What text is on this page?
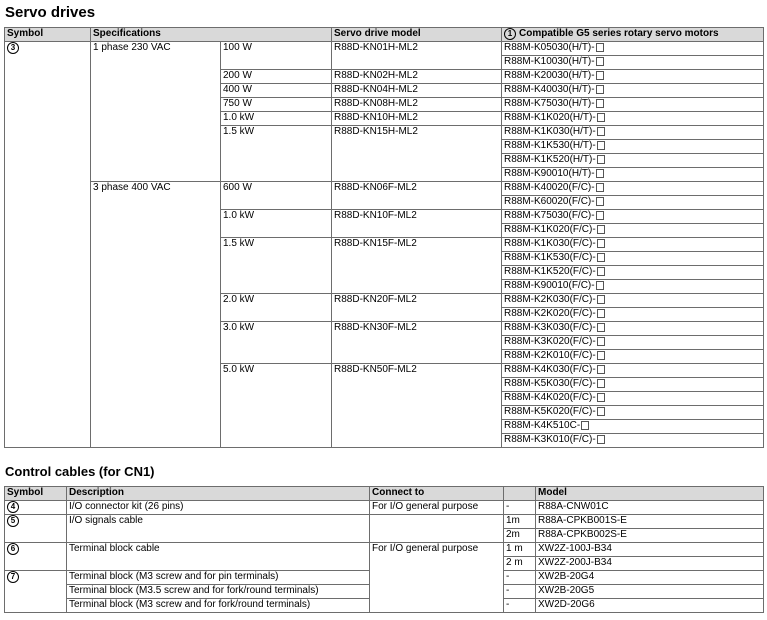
Servo drives
Symbol	Specifications		Servo drive model	1 Compatible G5 series rotary servo motors

3	1 phase 230 VAC	100 W	R88D-KN01H-ML2	R88M-K05030(H/T)-
				R88M-K10030(H/T)-
		200 W	R88D-KN02H-ML2	R88M-K20030(H/T)-
		400 W	R88D-KN04H-ML2	R88M-K40030(H/T)-
		750 W	R88D-KN08H-ML2	R88M-K75030(H/T)-
		1.0 kW	R88D-KN10H-ML2	R88M-K1K020(H/T)-
		1.5 kW	R88D-KN15H-ML2	R88M-K1K030(H/T)-
				R88M-K1K530(H/T)-
				R88M-K1K520(H/T)-
				R88M-K90010(H/T)-
	3 phase 400 VAC	600 W	R88D-KN06F-ML2	R88M-K40020(F/C)-
				R88M-K60020(F/C)-
		1.0 kW	R88D-KN10F-ML2	R88M-K75030(F/C)-
				R88M-K1K020(F/C)-
		1.5 kW	R88D-KN15F-ML2	R88M-K1K030(F/C)-
				R88M-K1K530(F/C)-
				R88M-K1K520(F/C)-
				R88M-K90010(F/C)-
		2.0 kW	R88D-KN20F-ML2	R88M-K2K030(F/C)-
				R88M-K2K020(F/C)-
		3.0 kW	R88D-KN30F-ML2	R88M-K3K030(F/C)-
				R88M-K3K020(F/C)-
				R88M-K2K010(F/C)-
		5.0 kW	R88D-KN50F-ML2	R88M-K4K030(F/C)-
				R88M-K5K030(F/C)-
				R88M-K4K020(F/C)-
				R88M-K5K020(F/C)-
				R88M-K4K510C-
				R88M-K3K010(F/C)-
Control cables (for CN1)
Symbol	Description	Connect to		Model
4	I/O connector kit (26 pins)	For I/O general purpose	-	R88A-CNW01C
5	I/O signals cable		1m	R88A-CPKB001S-E
			2m	R88A-CPKB002S-E
6	Terminal block cable	For I/O general purpose	1 m	XW2Z-100J-B34
			2 m	XW2Z-200J-B34
7	Terminal block (M3 screw and for pin terminals)		-	XW2B-20G4
	Terminal block (M3.5 screw and for fork/round terminals)		-	XW2B-20G5
	Terminal block (M3 screw and for fork/round terminals)		-	XW2D-20G6
